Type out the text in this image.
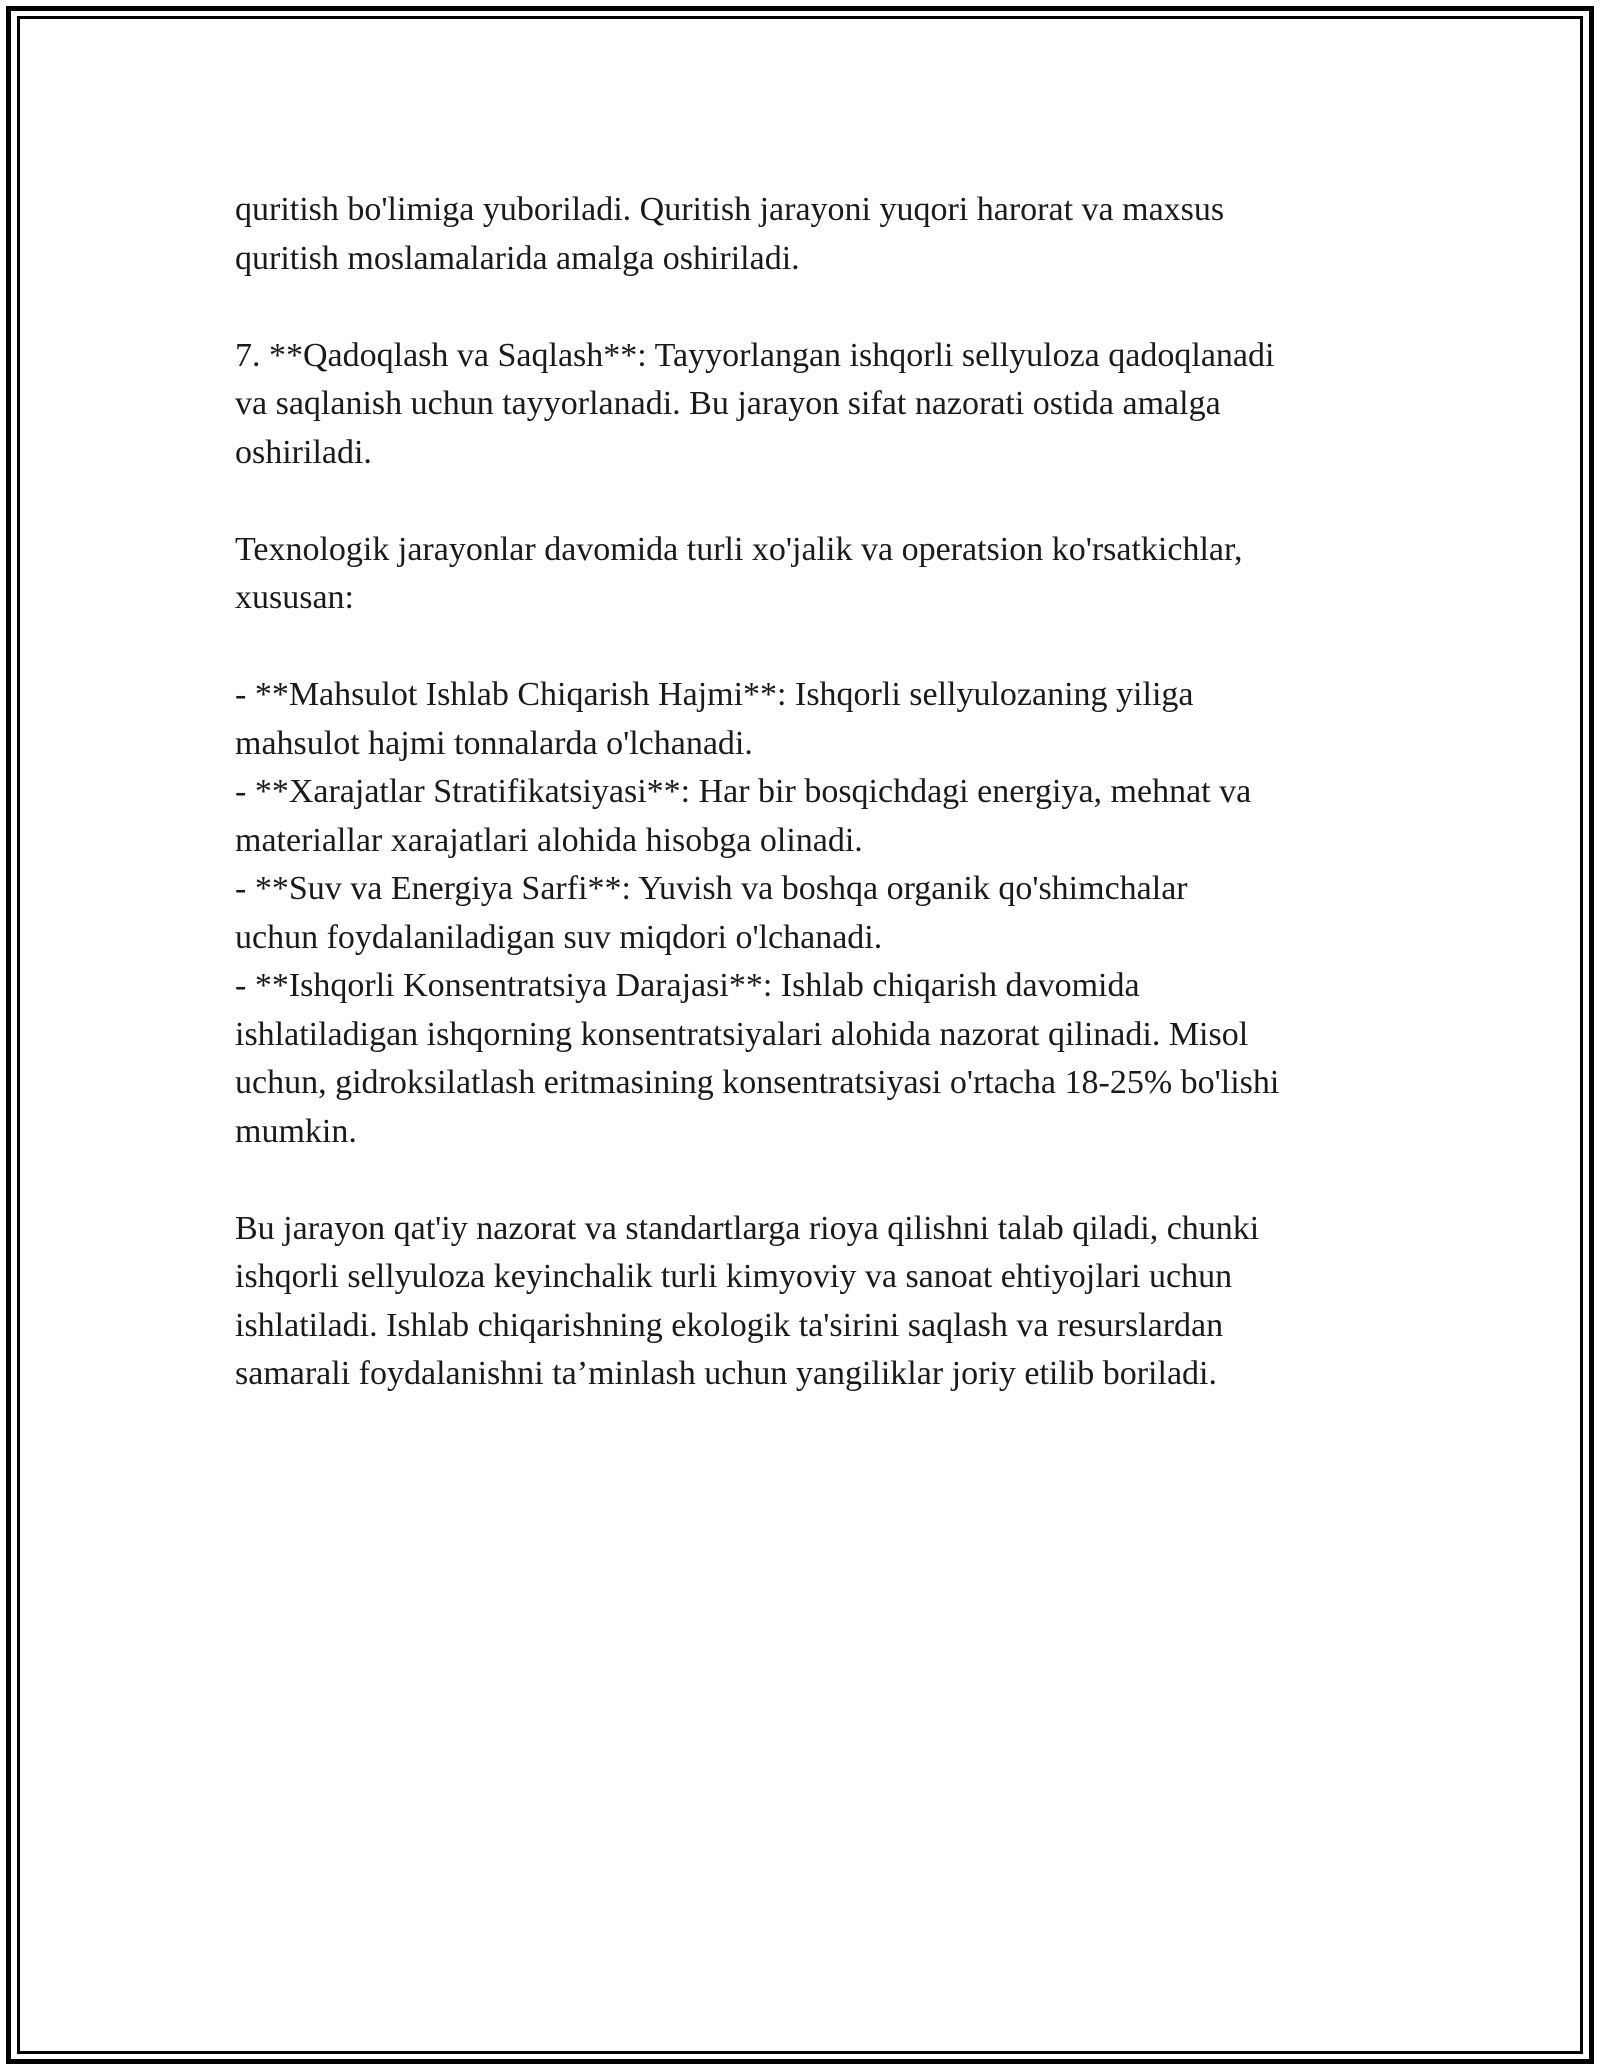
quritish bo'limiga yuboriladi. Quritish jarayoni yuqori harorat va maxsus
quritish moslamalarida amalga oshiriladi.

7. **Qadoqlash va Saqlash**: Tayyorlangan ishqorli sellyuloza qadoqlanadi
va saqlanish uchun tayyorlanadi. Bu jarayon sifat nazorati ostida amalga
oshiriladi.

Texnologik jarayonlar davomida turli xo'jalik va operatsion ko'rsatkichlar,
xususan:

- **Mahsulot Ishlab Chiqarish Hajmi**: Ishqorli sellyulozaning yiliga
mahsulot hajmi tonnalarda o'lchanadi.
- **Xarajatlar Stratifikatsiyasi**: Har bir bosqichdagi energiya, mehnat va
materiallar xarajatlari alohida hisobga olinadi.
- **Suv va Energiya Sarfi**: Yuvish va boshqa organik qo'shimchalar
uchun foydalaniladigan suv miqdori o'lchanadi.
- **Ishqorli Konsentratsiya Darajasi**: Ishlab chiqarish davomida
ishlatiladigan ishqorning konsentratsiyalari alohida nazorat qilinadi. Misol
uchun, gidroksilatlash eritmasining konsentratsiyasi o'rtacha 18-25% bo'lishi
mumkin.

Bu jarayon qat'iy nazorat va standartlarga rioya qilishni talab qiladi, chunki
ishqorli sellyuloza keyinchalik turli kimyoviy va sanoat ehtiyojlari uchun
ishlatiladi. Ishlab chiqarishning ekologik ta'sirini saqlash va resurslardan
samarali foydalanishni ta’minlash uchun yangiliklar joriy etilib boriladi.
